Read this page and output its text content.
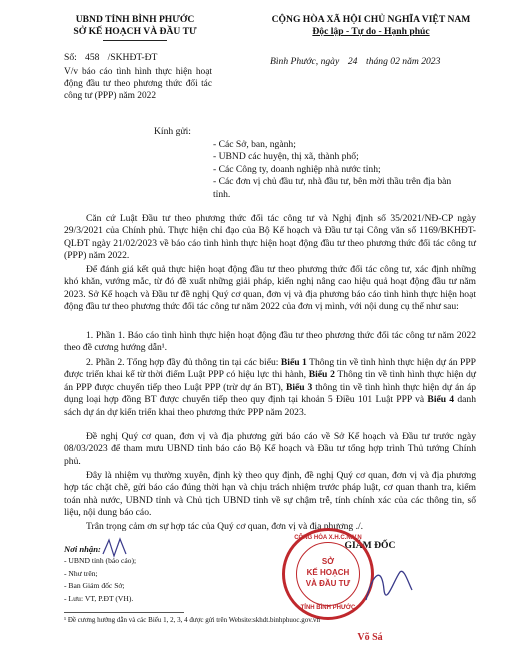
UBND TỈNH BÌNH PHƯỚC
SỞ KẾ HOẠCH VÀ ĐẦU TƯ
CỘNG HÒA XÃ HỘI CHỦ NGHĨA VIỆT NAM
Độc lập - Tự do - Hạnh phúc
Số: 458 /SKHĐT-ĐT	Bình Phước, ngày 24 tháng 02 năm 2023
V/v báo cáo tình hình thực hiện hoạt động đầu tư theo phương thức đối tác công tư (PPP) năm 2022
Kính gửi:
- Các Sở, ban, ngành;
- UBND các huyện, thị xã, thành phố;
- Các Công ty, doanh nghiệp nhà nước tỉnh;
- Các đơn vị chủ đầu tư, nhà đầu tư, bên mời thầu trên địa bàn tỉnh.
Căn cứ Luật Đầu tư theo phương thức đối tác công tư và Nghị định số 35/2021/NĐ-CP ngày 29/3/2021 của Chính phủ. Thực hiện chỉ đạo của Bộ Kế hoạch và Đầu tư tại Công văn số 1169/BKHĐT-QLĐT ngày 21/02/2023 về báo cáo tình hình thực hiện hoạt động đầu tư theo phương thức đối tác công tư (PPP) năm 2022.
Để đánh giá kết quả thực hiện hoạt động đầu tư theo phương thức đối tác công tư, xác định những khó khăn, vướng mắc, từ đó đề xuất những giải pháp, kiến nghị nâng cao hiệu quả hoạt động đầu tư năm 2023. Sở Kế hoạch và Đầu tư đề nghị Quý cơ quan, đơn vị và địa phương báo cáo tình hình thực hiện hoạt động đầu tư theo phương thức đối tác công tư năm 2022 của đơn vị mình, với nội dung cụ thể như sau:
1. Phần 1. Báo cáo tình hình thực hiện hoạt động đầu tư theo phương thức đối tác công tư năm 2022 theo đề cương hướng dẫn¹.
2. Phần 2. Tổng hợp đầy đủ thông tin tại các biểu: Biểu 1 Thông tin về tình hình thực hiện dự án PPP được triển khai kể từ thời điểm Luật PPP có hiệu lực thi hành, Biểu 2 Thông tin về tình hình thực hiện dự án PPP được chuyển tiếp theo Luật PPP (trừ dự án BT), Biểu 3 thông tin về tình hình thực hiện dự án áp dụng loại hợp đồng BT được chuyển tiếp theo quy định tại khoản 5 Điều 101 Luật PPP và Biểu 4 danh sách dự án dự kiến triển khai theo phương thức PPP năm 2023.
Đề nghị Quý cơ quan, đơn vị và địa phương gửi báo cáo về Sở Kế hoạch và Đầu tư trước ngày 08/03/2023 để tham mưu UBND tỉnh báo cáo Bộ Kế hoạch và Đầu tư tổng hợp trình Thủ tướng Chính phủ.
Đây là nhiệm vụ thường xuyên, định kỳ theo quy định, đề nghị Quý cơ quan, đơn vị và địa phương hợp tác chặt chẽ, gửi báo cáo đúng thời hạn và chịu trách nhiệm trước pháp luật, cơ quan thanh tra, kiểm toán nhà nước, UBND tỉnh và Chủ tịch UBND tỉnh về sự chậm trễ, tính chính xác của các thông tin, số liệu, nội dung báo cáo.
Trân trọng cảm ơn sự hợp tác của Quý cơ quan, đơn vị và địa phương ./.
Nơi nhận:
- UBND tỉnh (báo cáo);
- Như trên;
- Ban Giám đốc Sở;
- Lưu: VT, P.ĐT (VH).
GIÁM ĐỐC
CỘNG HÒA X.H.C.N.V.N
SỞ
KẾ HOẠCH
VÀ ĐẦU TƯ
TỈNH BÌNH PHƯỚC
¹ Đề cương hướng dẫn và các Biểu 1, 2, 3, 4 được gửi trên Website:skhdt.binhphuoc.gov.vn
Võ Sá
